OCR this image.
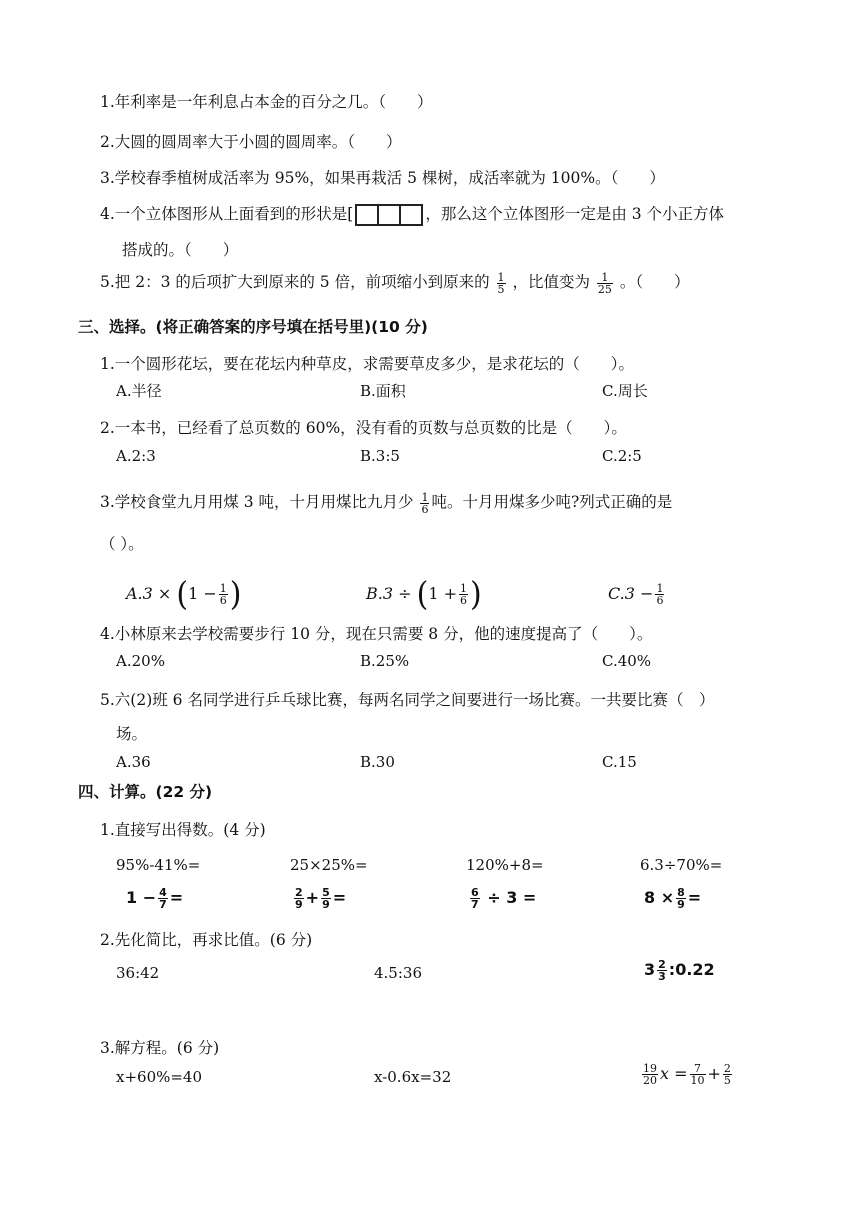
1.年利率是一年利息占本金的百分之几。（　　）
2.大圆的圆周率大于小圆的圆周率。（　　）
3.学校春季植树成活率为 95%，如果再栽活 5 棵树，成活率就为 100%。（　　）
4.一个立体图形从上面看到的形状是[	，那么这个立体图形一定是由 3 个小正方体
搭成的。（　　）
5.把 2：3 的后项扩大到原来的 5 倍，前项缩小到原来的 $\frac{1}{5}$ ，比值变为 $\frac{1}{25}$ 。（　　）
三、选择。(将正确答案的序号填在括号里)(10 分)
1.一个圆形花坛，要在花坛内种草皮，求需要草皮多少，是求花坛的（　　）。
A.半径	B.面积	C.周长
2.一本书，已经看了总页数的 60%，没有看的页数与总页数的比是（　　）。
A.2:3	B.3:5	C.2:5
3.学校食堂九月用煤 3 吨，十月用煤比九月少 $\frac{1}{6}$ 吨。十月用煤多少吨?列式正确的是
（ ）。
$A.3 \times (1 - \frac{1}{6}$ )	$B.3 \div (1 + \frac{1}{6}$ )	$C.3 - \frac{1}{6}$
4.小林原来去学校需要步行 10 分，现在只需要 8 分，他的速度提高了（　　）。
A.20%	B.25%	C.40%
5.六(2)班 6 名同学进行乒乓球比赛，每两名同学之间要进行一场比赛。一共要比赛（　）
场。
A.36	B.30	C.15
四、计算。(22 分)
1.直接写出得数。(4 分)
95%-41%=	25×25%=	120%+8=	6.3÷70%=
$1 - \frac{4}{7}$ =	$\frac{2}{9} + \frac{5}{9}$ =	$\frac{6}{7} \div 3$ =	$8 \times \frac{8}{9}$ =
2.先化简比，再求比值。(6 分)
36:42	4.5:36	$3 \frac{2}{3}$ :0.22
3.解方程。(6 分)
x+60%=40	x-0.6x=32	$\frac{19}{20}$ $x = \frac{7}{10} + \frac{2}{5}$
